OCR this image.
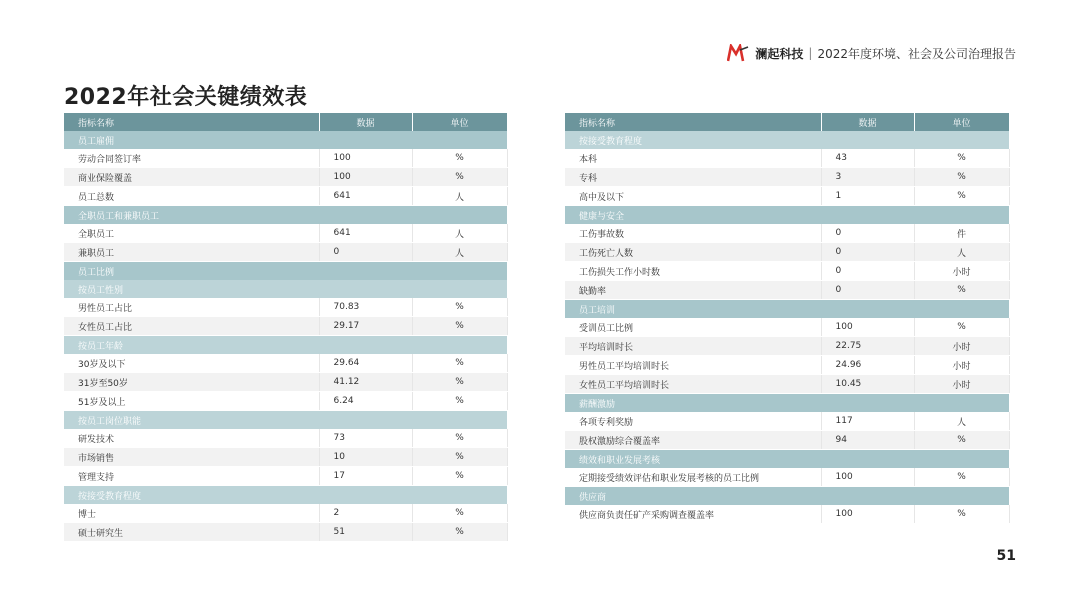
澜起科技 | 2022年度环境、社会及公司治理报告
2022年社会关键绩效表
指标名称	数据	单位
员工雇佣		
劳动合同签订率	100	%
商业保险覆盖	100	%
员工总数	641	人
全职员工和兼职员工		
全职员工	641	人
兼职员工	0	人
员工比例		
按员工性别		
男性员工占比	70.83	%
女性员工占比	29.17	%
按员工年龄		
30岁及以下	29.64	%
31岁至50岁	41.12	%
51岁及以上	6.24	%
按员工岗位职能		
研发技术	73	%
市场销售	10	%
管理支持	17	%
按接受教育程度		
博士	2	%
硕士研究生	51	%
指标名称	数据	单位
按接受教育程度		
本科	43	%
专科	3	%
高中及以下	1	%
健康与安全		
工伤事故数	0	件
工伤死亡人数	0	人
工伤损失工作小时数	0	小时
缺勤率	0	%
员工培训		
受训员工比例	100	%
平均培训时长	22.75	小时
男性员工平均培训时长	24.96	小时
女性员工平均培训时长	10.45	小时
薪酬激励		
各项专利奖励	117	人
股权激励综合覆盖率	94	%
绩效和职业发展考核		
定期接受绩效评估和职业发展考核的员工比例	100	%
供应商		
供应商负责任矿产采购调查覆盖率	100	%
51
